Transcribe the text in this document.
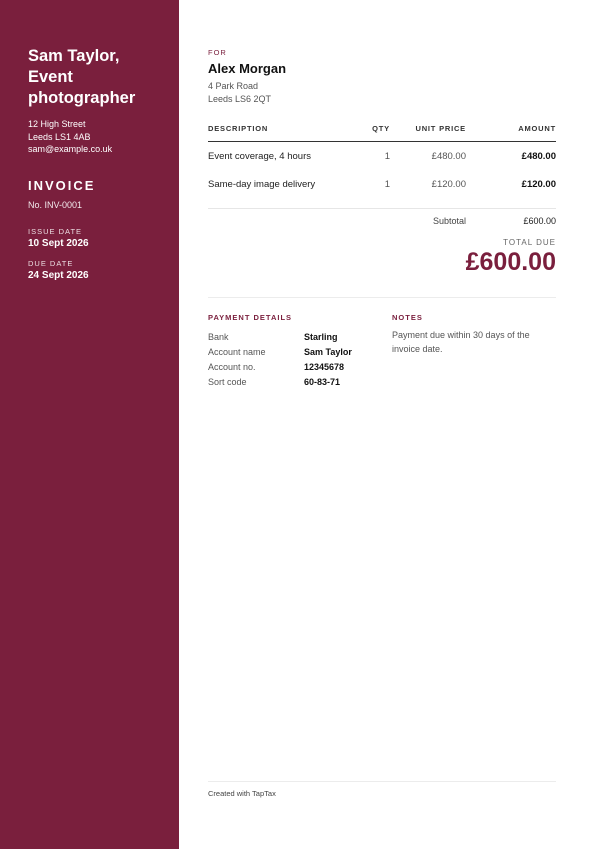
Sam Taylor, Event photographer
12 High Street
Leeds LS1 4AB
sam@example.co.uk
INVOICE
No. INV-0001
ISSUE DATE
10 Sept 2026
DUE DATE
24 Sept 2026
FOR
Alex Morgan
4 Park Road
Leeds LS6 2QT
DESCRIPTION	QTY	UNIT PRICE	AMOUNT
Event coverage, 4 hours	1	£480.00	£480.00
Same-day image delivery	1	£120.00	£120.00
Subtotal	£600.00
TOTAL DUE
£600.00
PAYMENT DETAILS
Bank	Starling
Account name	Sam Taylor
Account no.	12345678
Sort code	60-83-71
NOTES
Payment due within 30 days of the invoice date.
Created with TapTax
